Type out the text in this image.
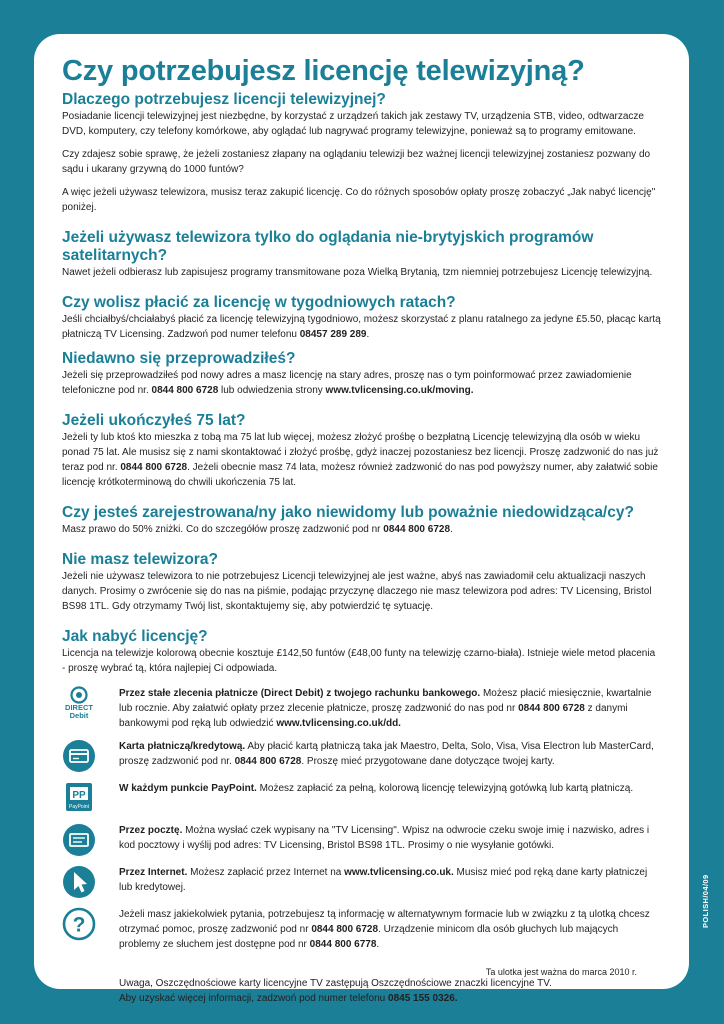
Czy potrzebujesz licencję telewizyjną?
Dlaczego potrzebujesz licencji telewizyjnej?

Posiadanie licencji telewizyjnej jest niezbędne, by korzystać z urządzeń takich jak zestawy TV, urządzenia STB, video, odtwarzacze DVD, komputery, czy telefony komórkowe, aby oglądać lub nagrywać programy telewizyjne, ponieważ są to programy emitowane.

Czy zdajesz sobie sprawę, że jeżeli zostaniesz złapany na oglądaniu telewizji bez ważnej licencji telewizyjnej zostaniesz pozwany do sądu i ukarany grzywną do 1000 funtów?

A więc jeżeli używasz telewizora, musisz teraz zakupić licencję. Co do różnych sposobów opłaty proszę zobaczyć „Jak nabyć licencję" poniżej.

Jeżeli używasz telewizora tylko do oglądania nie-brytyjskich programów satelitarnych?

Nawet jeżeli odbierasz lub zapisujesz programy transmitowane poza Wielką Brytanią, tzm niemniej potrzebujesz Licencję telewizyjną.

Czy wolisz płacić za licencję w tygodniowych ratach?

Jeśli chciałbyś/chciałabyś płacić za licencję telewizyjną tygodniowo, możesz skorzystać z planu ratalnego za jedyne £5.50, płacąc kartą płatniczą TV Licensing. Zadzwoń pod numer telefonu 08457 289 289.

Niedawno się przeprowadziłeś?

Jeżeli się przeprowadziłeś pod nowy adres a masz licencję na stary adres, proszę nas o tym poinformować przez zawiadomienie telefoniczne pod nr. 0844 800 6728 lub odwiedzenia strony www.tvlicensing.co.uk/moving.

Jeżeli ukończyłeś 75 lat?

Jeżeli ty lub ktoś kto mieszka z tobą ma 75 lat lub więcej, możesz złożyć prośbę o bezpłatną Licencję telewizyjną dla osób w wieku ponad 75 lat. Ale musisz się z nami skontaktować i złożyć prośbę, gdyż inaczej pozostaniesz bez licencji. Proszę zadzwonić do nas już teraz pod nr. 0844 800 6728. Jeżeli obecnie masz 74 lata, możesz również zadzwonić do nas pod powyższy numer, aby załatwić sobie licencję krótkoterminową do chwili ukończenia 75 lat.

Czy jesteś zarejestrowana/ny jako niewidomy lub poważnie niedowidząca/cy?

Masz prawo do 50% zniżki. Co do szczegółów proszę zadzwonić pod nr 0844 800 6728.

Nie masz telewizora?

Jeżeli nie używasz telewizora to nie potrzebujesz Licencji telewizyjnej ale jest ważne, abyś nas zawiadomił celu aktualizacji naszych danych. Prosimy o zwrócenie się do nas na piśmie, podając przyczynę dlaczego nie masz telewizora pod adres: TV Licensing, Bristol BS98 1TL. Gdy otrzymamy Twój list, skontaktujemy się, aby potwierdzić tę sytuację.

Jak nabyć licencję?

Licencja na telewizje kolorową obecnie kosztuje £142,50 funtów (£48,00 funty na telewizję czarno-biała). Istnieje wiele metod płacenia - proszę wybrać tą, która najlepiej Ci odpowiada.

DIRECT
Debit

Przez stałe zlecenia płatnicze (Direct Debit) z twojego rachunku bankowego. Możesz płacić miesięcznie, kwartalnie lub rocznie. Aby załatwić opłaty przez zlecenie płatnicze, proszę zadzwonić do nas pod nr 0844 800 6728 z danymi bankowymi pod ręką lub odwiedzić www.tvlicensing.co.uk/dd.

Karta płatniczą/kredytową. Aby płacić kartą płatniczą taka jak Maestro, Delta, Solo, Visa, Visa Electron lub MasterCard, proszę zadzwonić pod nr. 0844 800 6728. Proszę mieć przygotowane dane dotyczące twojej karty.

PP
PayPoint

W każdym punkcie PayPoint. Możesz zapłacić za pełną, kolorową licencję telewizyjną gotówką lub kartą płatniczą.

Przez pocztę. Można wysłać czek wypisany na "TV Licensing". Wpisz na odwrocie czeku swoje imię i nazwisko, adres i kod pocztowy i wyślij pod adres: TV Licensing, Bristol BS98 1TL. Prosimy o nie wysyłanie gotówki.

Przez Internet. Możesz zapłacić przez Internet na www.tvlicensing.co.uk. Musisz mieć pod ręką dane karty płatniczej lub kredytowej.

?	Jeżeli masz jakiekolwiek pytania, potrzebujesz tą informację w alternatywnym formacie lub w związku z tą ulotką chcesz otrzymać pomoc, proszę zadzwonić pod nr 0844 800 6728. Urządzenie minicom dla osób głuchych lub mających problemy ze słuchem jest dostępne pod nr 0844 800 6778.

Uwaga, Oszczędnościowe karty licencyjne TV zastępują Oszczędnościowe znaczki licencyjne TV.

Aby uzyskać więcej informacji, zadzwoń pod numer telefonu 0845 155 0326.

Ta ulotka jest ważna do marca 2010 r.
POLISH/04/09
